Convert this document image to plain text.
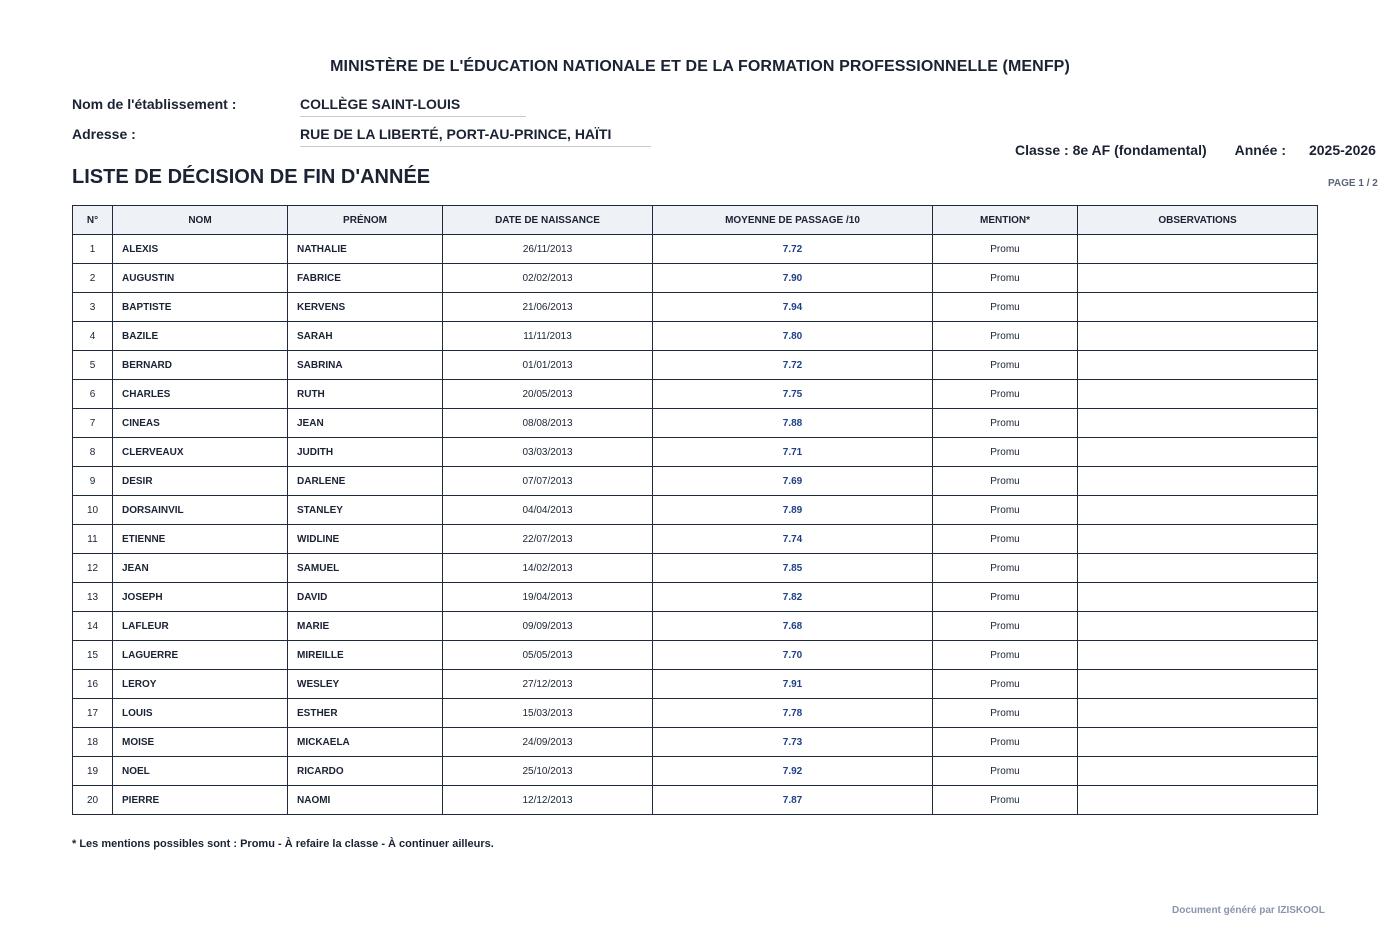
MINISTÈRE DE L'ÉDUCATION NATIONALE ET DE LA FORMATION PROFESSIONNELLE (MENFP)
Nom de l'établissement :	COLLÈGE SAINT-LOUIS
Adresse :	RUE DE LA LIBERTÉ, PORT-AU-PRINCE, HAÏTI
Classe : 8e AF (fondamental) Année : 2025-2026
LISTE DE DÉCISION DE FIN D'ANNÉE	PAGE 1 / 2
N°	NOM	PRÉNOM	DATE DE NAISSANCE	MOYENNE DE PASSAGE /10	MENTION*	OBSERVATIONS
1	ALEXIS	NATHALIE	26/11/2013	7.72	Promu	
2	AUGUSTIN	FABRICE	02/02/2013	7.90	Promu	
3	BAPTISTE	KERVENS	21/06/2013	7.94	Promu	
4	BAZILE	SARAH	11/11/2013	7.80	Promu	
5	BERNARD	SABRINA	01/01/2013	7.72	Promu	
6	CHARLES	RUTH	20/05/2013	7.75	Promu	
7	CINEAS	JEAN	08/08/2013	7.88	Promu	
8	CLERVEAUX	JUDITH	03/03/2013	7.71	Promu	
9	DESIR	DARLENE	07/07/2013	7.69	Promu	
10	DORSAINVIL	STANLEY	04/04/2013	7.89	Promu	
11	ETIENNE	WIDLINE	22/07/2013	7.74	Promu	
12	JEAN	SAMUEL	14/02/2013	7.85	Promu	
13	JOSEPH	DAVID	19/04/2013	7.82	Promu	
14	LAFLEUR	MARIE	09/09/2013	7.68	Promu	
15	LAGUERRE	MIREILLE	05/05/2013	7.70	Promu	
16	LEROY	WESLEY	27/12/2013	7.91	Promu	
17	LOUIS	ESTHER	15/03/2013	7.78	Promu	
18	MOISE	MICKAELA	24/09/2013	7.73	Promu	
19	NOEL	RICARDO	25/10/2013	7.92	Promu	
20	PIERRE	NAOMI	12/12/2013	7.87	Promu	
* Les mentions possibles sont : Promu - À refaire la classe - À continuer ailleurs.
Document généré par IZISKOOL
